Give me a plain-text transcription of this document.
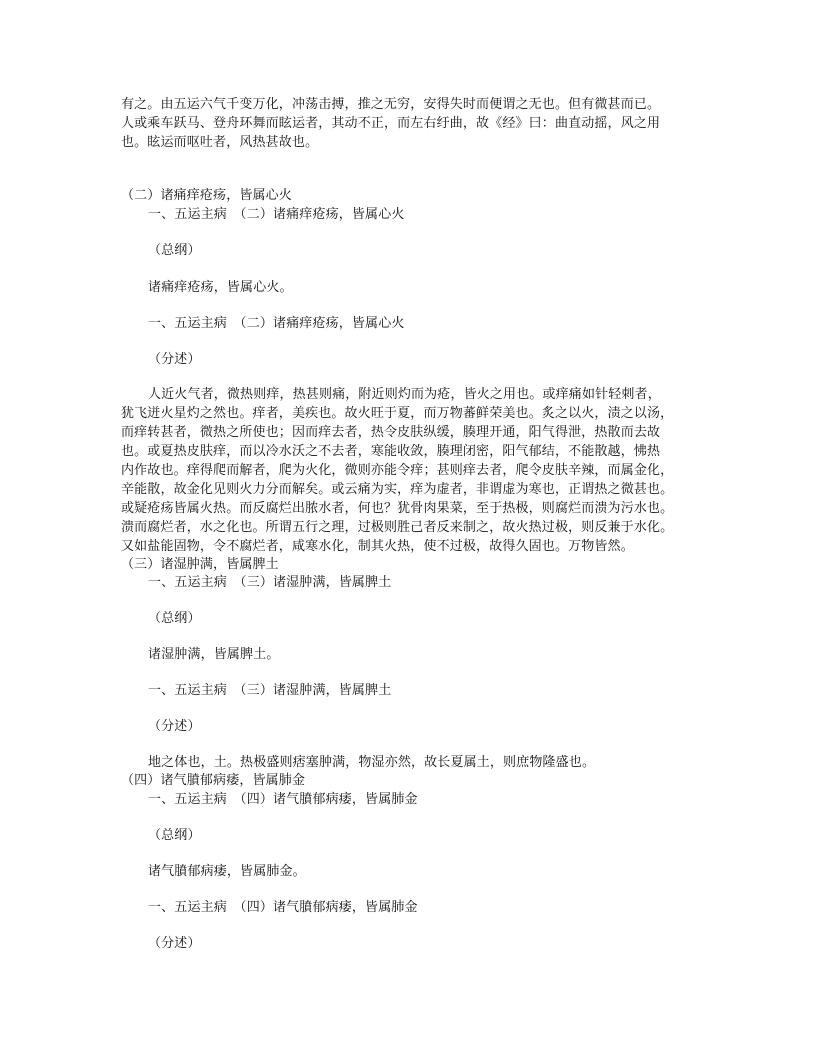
有之。由五运六气千变万化，冲荡击搏，推之无穷，安得失时而便谓之无也。但有微甚而已。
人或乘车跃马、登舟环舞而眩运者，其动不正，而左右纡曲，故《经》曰：曲直动摇，风之用
也。眩运而呕吐者，风热甚故也。
（二）诸痛痒疮疡，皆属心火
一、五运主病　（二）诸痛痒疮疡，皆属心火
（总纲）
诸痛痒疮疡，皆属心火。
一、五运主病　（二）诸痛痒疮疡，皆属心火
（分述）
人近火气者，微热则痒，热甚则痛，附近则灼而为疮，皆火之用也。或痒痛如针轻刺者，
犹飞迸火星灼之然也。痒者，美疾也。故火旺于夏，而万物蕃鲜荣美也。炙之以火，渍之以汤，
而痒转甚者，微热之所使也；因而痒去者，热令皮肤纵缓，腠理开通，阳气得泄，热散而去故
也。或夏热皮肤痒，而以冷水沃之不去者，寒能收敛，腠理闭密，阳气郁结，不能散越，怫热
内作故也。痒得爬而解者，爬为火化，微则亦能令痒；甚则痒去者，爬令皮肤辛辣，而属金化，
辛能散，故金化见则火力分而解矣。或云痛为实，痒为虚者，非谓虚为寒也，正谓热之微甚也。
或疑疮疡皆属火热。而反腐烂出脓水者，何也？犹骨肉果菜，至于热极，则腐烂而溃为污水也。
溃而腐烂者，水之化也。所谓五行之理，过极则胜己者反来制之，故火热过极，则反兼于水化。
又如盐能固物，令不腐烂者，咸寒水化，制其火热，使不过极，故得久固也。万物皆然。
（三）诸湿肿满，皆属脾土
一、五运主病　（三）诸湿肿满，皆属脾土
（总纲）
诸湿肿满，皆属脾土。
一、五运主病　（三）诸湿肿满，皆属脾土
（分述）
地之体也，土。热极盛则痞塞肿满，物湿亦然，故长夏属土，则庶物隆盛也。
（四）诸气膹郁病痿，皆属肺金
一、五运主病　（四）诸气膹郁病痿，皆属肺金
（总纲）
诸气膹郁病痿，皆属肺金。
一、五运主病　（四）诸气膹郁病痿，皆属肺金
（分述）
